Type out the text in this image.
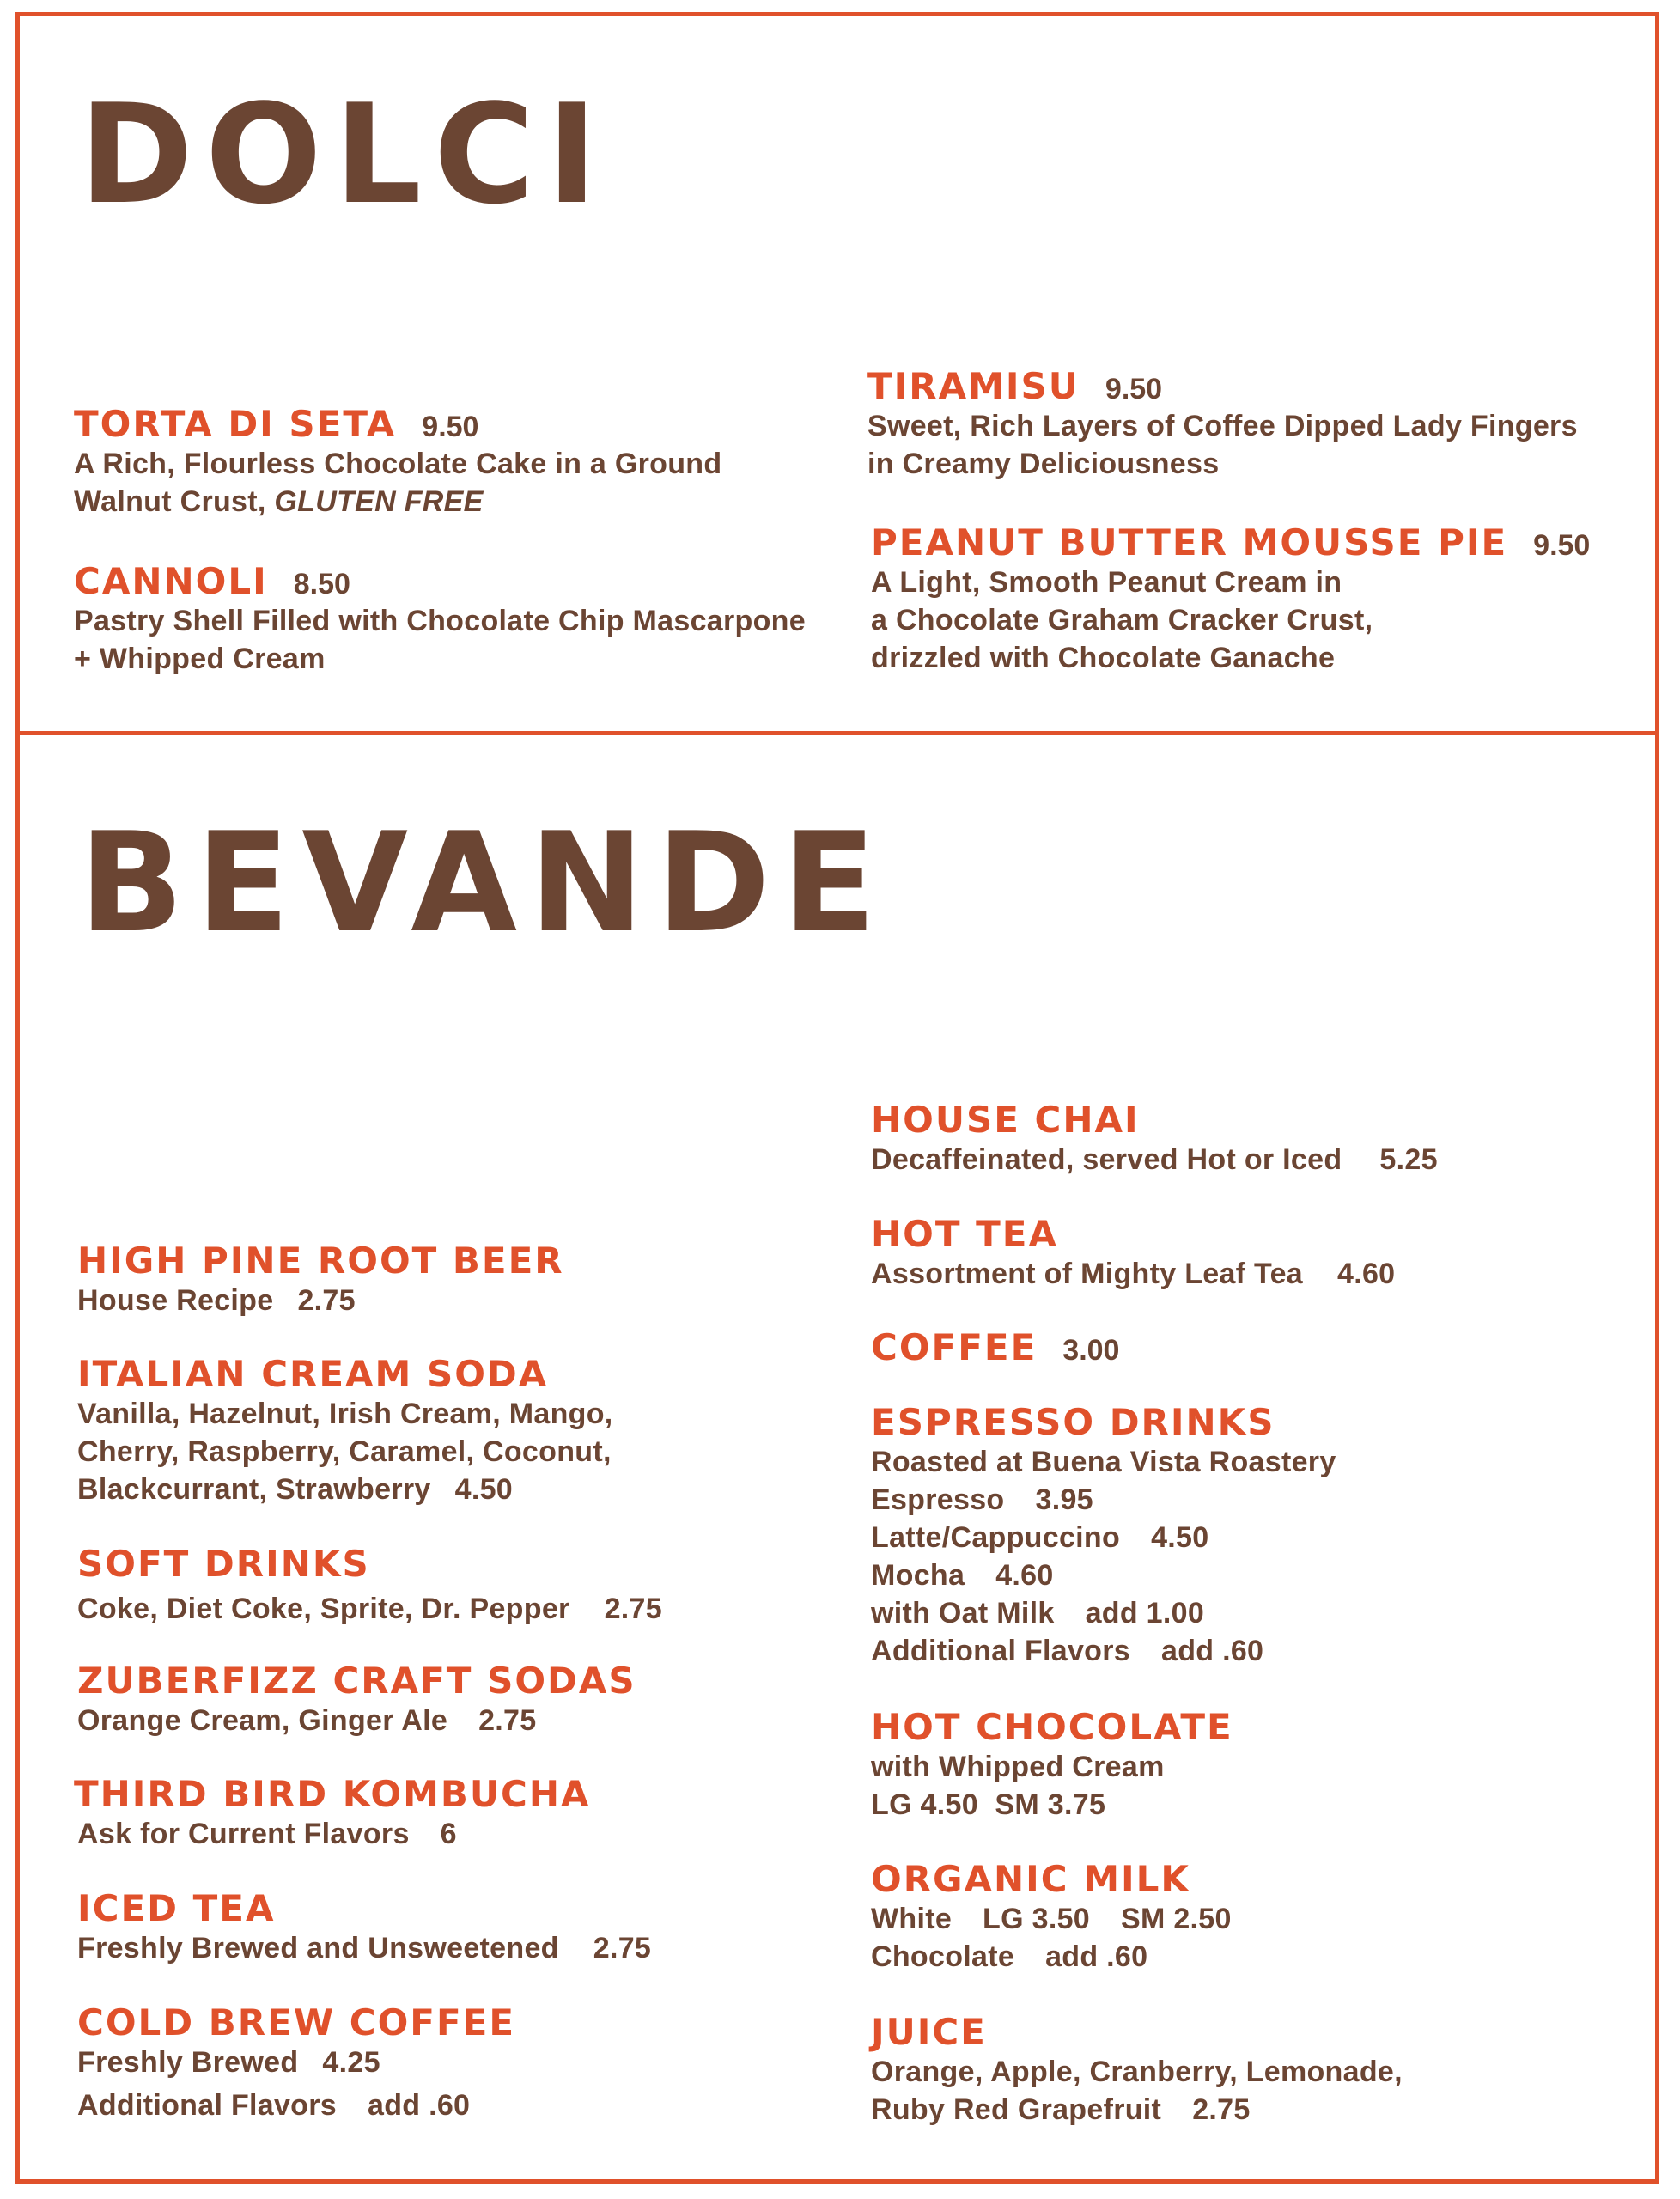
DOLCI
TORTA DI SETA 9.50
A Rich, Flourless Chocolate Cake in a Ground
Walnut Crust, GLUTEN FREE
CANNOLI 8.50
Pastry Shell Filled with Chocolate Chip Mascarpone
+ Whipped Cream
TIRAMISU 9.50
Sweet, Rich Layers of Coffee Dipped Lady Fingers
in Creamy Deliciousness
PEANUT BUTTER MOUSSE PIE 9.50
A Light, Smooth Peanut Cream in
a Chocolate Graham Cracker Crust,
drizzled with Chocolate Ganache
BEVANDE
HIGH PINE ROOT BEER
House Recipe 2.75
ITALIAN CREAM SODA
Vanilla, Hazelnut, Irish Cream, Mango,
Cherry, Raspberry, Caramel, Coconut,
Blackcurrant, Strawberry 4.50
SOFT DRINKS
Coke, Diet Coke, Sprite, Dr. Pepper 2.75
ZUBERFIZZ CRAFT SODAS
Orange Cream, Ginger Ale 2.75
THIRD BIRD KOMBUCHA
Ask for Current Flavors 6
ICED TEA
Freshly Brewed and Unsweetened 2.75
COLD BREW COFFEE
Freshly Brewed 4.25
Additional Flavors add .60
HOUSE CHAI
Decaffeinated, served Hot or Iced 5.25
HOT TEA
Assortment of Mighty Leaf Tea 4.60
COFFEE 3.00
ESPRESSO DRINKS
Roasted at Buena Vista Roastery
Espresso 3.95
Latte/Cappuccino 4.50
Mocha 4.60
with Oat Milk add 1.00
Additional Flavors add .60
HOT CHOCOLATE
with Whipped Cream
LG 4.50  SM 3.75
ORGANIC MILK
White LG 3.50 SM 2.50
Chocolate add .60
JUICE
Orange, Apple, Cranberry, Lemonade,
Ruby Red Grapefruit 2.75
